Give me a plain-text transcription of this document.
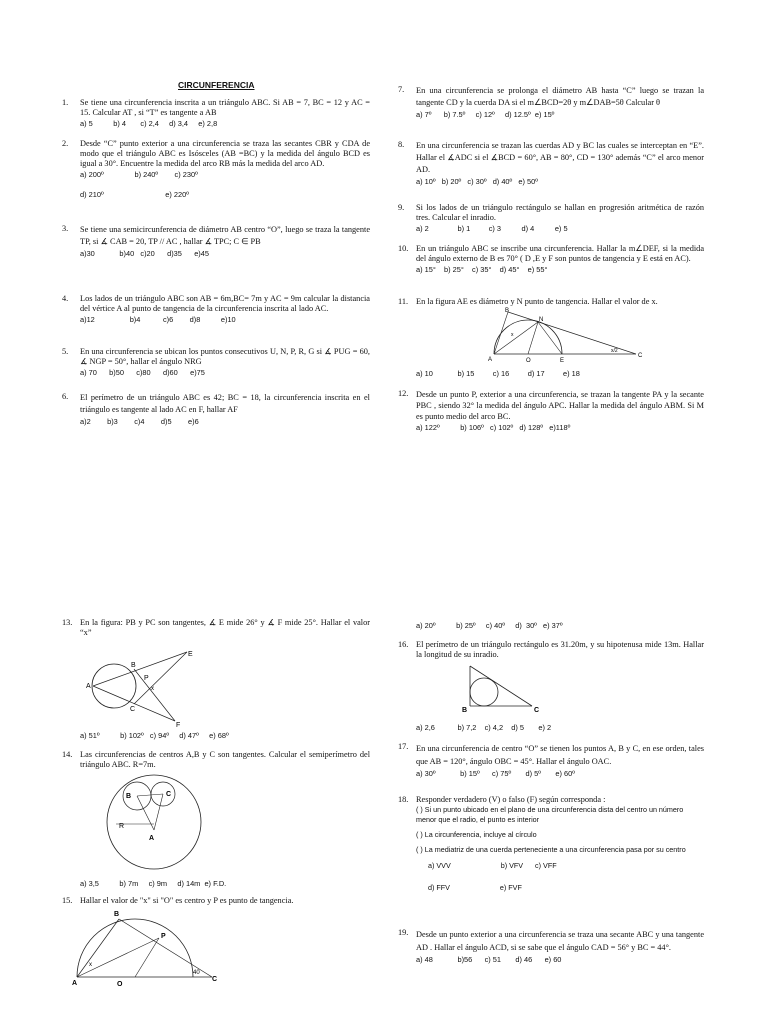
CIRCUNFERENCIA
1. Se tiene una circunferencia inscrita a un triángulo ABC. Si AB = 7, BC = 12 y AC = 15. Calcular AT , si “T” es tangente a AB
a) 5          b) 4       c) 2,4     d) 3,4     e) 2,8
2. Desde “C” punto exterior a una circunferencia se traza las secantes CBR y CDA de modo que el triángulo ABC es Isósceles (AB =BC) y la medida del ángulo BCD es igual a 30°. Encuentre la medida del arco RB más la medida del arco AD.
a) 200º               b) 240º        c) 230º
d) 210º                              e) 220º
3. Se tiene una semicircunferencia de diámetro AB centro “O”, luego se traza la tangente TP, si ∡ CAB = 20, TP // AC , hallar ∡ TPC; C ∈ PB
a)30            b)40   c)20      d)35      e)45
4. Los lados de un triángulo ABC son AB = 6m,BC= 7m y AC = 9m calcular la distancia del vértice A al punto de tangencia de la circunferencia inscrita al lado AC.
a)12                 b)4           c)6        d)8          e)10
5. En una circunferencia se ubican los puntos consecutivos U, N, P, R, G si ∡ PUG = 60, ∡ NGP = 50°, hallar el ángulo NRG
a) 70      b)50      c)80      d)60      e)75
6. El perímetro de un triángulo ABC es 42; BC = 18, la circunferencia inscrita en el triángulo es tangente al lado AC en F, hallar AF
a)2        b)3        c)4        d)5        e)6
13. En la figura: PB y PC son tangentes, ∡ E mide 26° y ∡ F mide 25°. Hallar el valor “x”
A
B
C
P
x
E
F
a) 51º          b) 102º   c) 94º     d) 47º     e) 68º
14. Las circunferencias de centros A,B y C son tangentes. Calcular el semiperímetro del triángulo ABC. R=7m.
B	C
A
R
a) 3,5          b) 7m     c) 9m     d) 14m  e) F.D.
15. Hallar el valor de "x" si "O" es centro y P es punto de tangencia.
B
P
A	O
C
x
40
7. En una circunferencia se prolonga el diámetro AB hasta “C” luego se trazan la tangente CD y la cuerda DA si el m∠BCD=2θ y m∠DAB=5θ Calcular θ
a) 7º      b) 7.5º     c) 12º     d) 12.5º  e) 15º
8. En una circunferencia se trazan las cuerdas AD y BC las cuales se interceptan en “E”. Hallar el ∡ADC si el ∡BCD = 60°, AB = 80°, CD = 130° además “C” el arco menor AD.
a) 10º   b) 20º   c) 30º   d) 40º   e) 50º
9. Si los lados de un triángulo rectángulo se hallan en progresión aritmética de razón tres. Calcular el inradio.
a) 2              b) 1         c) 3          d) 4          e) 5
10. En un triángulo ABC se inscribe una circunferencia. Hallar la m∠DEF, si la medida del ángulo externo de B es 70° ( D ,E y F son puntos de tangencia y E está en AC).
a) 15°    b) 25°    c) 35°    d) 45°    e) 55°
11. En la figura AE es diámetro y N punto de tangencia. Hallar el valor de x.
B
N
A	O	E
C
x
x/2
a) 10            b) 15         c) 16         d) 17         e) 18
12. Desde un punto P, exterior a una circunferencia, se trazan la tangente PA y la secante PBC , siendo 32° la medida del ángulo APC. Hallar la medida del ángulo ABM. Si M es punto medio del arco BC.
a) 122º          b) 106º   c) 102º   d) 128º   e)118º
a) 20º          b) 25º     c) 40º     d)  30º   e) 37º
16. El perímetro de un triángulo rectángulo es 31.20m, y su hipotenusa mide 13m. Hallar la longitud de su inradio.
B	C
a) 2,6           b) 7,2    c) 4,2    d) 5       e) 2
17. En una circunferencia de centro “O” se tienen los puntos A, B y C, en ese orden, tales que AB = 120°, ángulo OBC = 45°. Hallar el ángulo OAC.
a) 30º            b) 15º      c) 75º       d) 5º       e) 60º
18. Responder verdadero (V) o falso (F) según corresponda :
( ) Si un punto ubicado en el plano de una circunferencia dista del centro un número menor que el radio, el punto es interior
( ) La circunferencia, incluye al círculo
( ) La mediatriz de una cuerda perteneciente a una circunferencia pasa por su centro
a) VVV                         b) VFV      c) VFF
d) FFV                         e) FVF
19. Desde un punto exterior a una circunferencia se traza una secante ABC y una tangente AD . Hallar el ángulo ACD, si se sabe que el ángulo CAD = 56° y BC = 44°.
a) 48            b)56      c) 51       d) 46      e) 60
